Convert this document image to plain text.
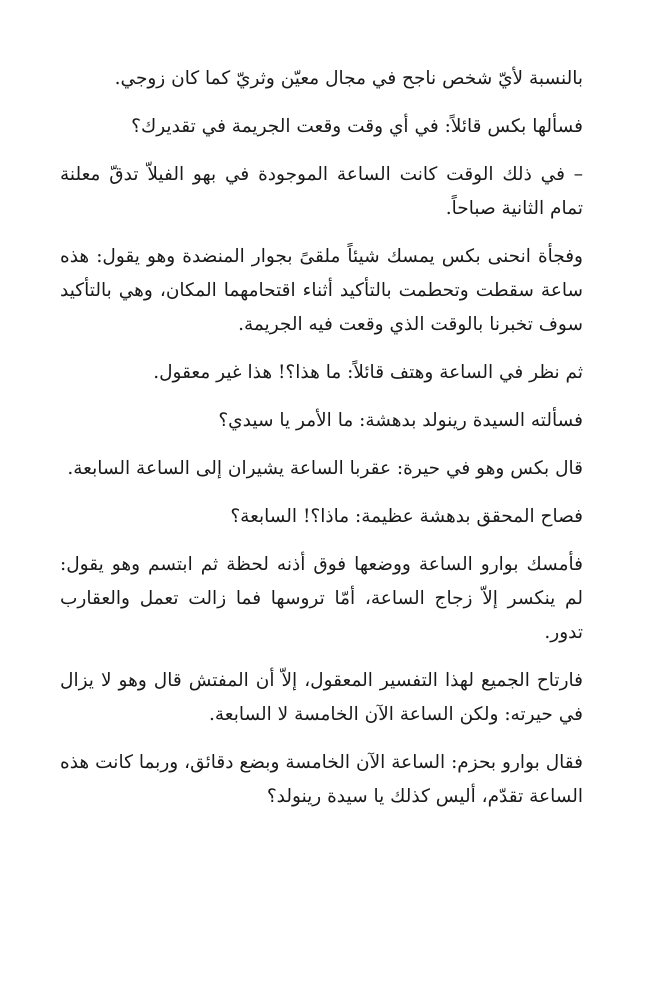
بالنسبة لأيّ شخص ناجح في مجال معيّن وثريّ كما كان زوجي.

فسألها بكس قائلاً: في أي وقت وقعت الجريمة في تقديرك؟

– في ذلك الوقت كانت الساعة الموجودة في بهو الفيلاّ تدقّ معلنة تمام الثانية صباحاً.

وفجأة انحنى بكس يمسك شيئاً ملقىً بجوار المنضدة وهو يقول: هذه ساعة سقطت وتحطمت بالتأكيد أثناء اقتحامهما المكان، وهي بالتأكيد سوف تخبرنا بالوقت الذي وقعت فيه الجريمة.

ثم نظر في الساعة وهتف قائلاً: ما هذا؟! هذا غير معقول.

فسألته السيدة رينولد بدهشة: ما الأمر يا سيدي؟

قال بكس وهو في حيرة: عقربا الساعة يشيران إلى الساعة السابعة.

فصاح المحقق بدهشة عظيمة: ماذا؟! السابعة؟

فأمسك بوارو الساعة ووضعها فوق أذنه لحظة ثم ابتسم وهو يقول: لم ينكسر إلاّ زجاج الساعة، أمّا تروسها فما زالت تعمل والعقارب تدور.

فارتاح الجميع لهذا التفسير المعقول، إلاّ أن المفتش قال وهو لا يزال في حيرته: ولكن الساعة الآن الخامسة لا السابعة.

فقال بوارو بحزم: الساعة الآن الخامسة وبضع دقائق، وربما كانت هذه الساعة تقدّم، أليس كذلك يا سيدة رينولد؟
